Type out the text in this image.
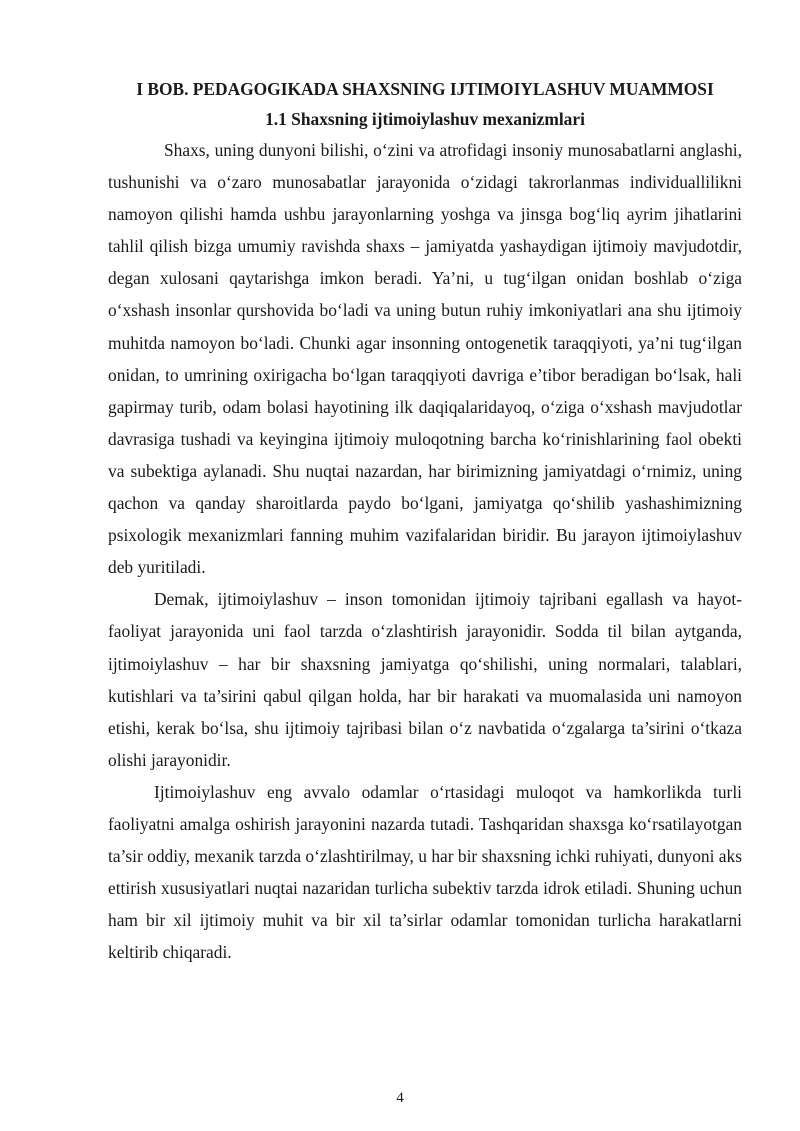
I BOB. PEDAGOGIKADA SHAXSNING IJTIMOIYLASHUV MUAMMOSI
1.1 Shaxsning ijtimoiylashuv mexanizmlari

Shaxs, uning dunyoni bilishi, o‘zini va atrofidagi insoniy munosabatlarni anglashi, tushunishi va o‘zaro munosabatlar jarayonida o‘zidagi takrorlanmas individuallilikni namoyon qilishi hamda ushbu jarayonlarning yoshga va jinsga bog‘liq ayrim jihatlarini tahlil qilish bizga umumiy ravishda shaxs – jamiyatda yashaydigan ijtimoiy mavjudotdir, degan xulosani qaytarishga imkon beradi. Ya’ni, u tug‘ilgan onidan boshlab o‘ziga o‘xshash insonlar qurshovida bo‘ladi va uning butun ruhiy imkoniyatlari ana shu ijtimoiy muhitda namoyon bo‘ladi. Chunki agar insonning ontogenetik taraqqiyoti, ya’ni tug‘ilgan onidan, to umrining oxirigacha bo‘lgan taraqqiyoti davriga e’tibor beradigan bo‘lsak, hali gapirmay turib, odam bolasi hayotining ilk daqiqalaridayoq, o‘ziga o‘xshash mavjudotlar davrasiga tushadi va keyingina ijtimoiy muloqotning barcha ko‘rinishlarining faol obekti va subektiga aylanadi. Shu nuqtai nazardan, har birimizning jamiyatdagi o‘rnimiz, uning qachon va qanday sharoitlarda paydo bo‘lgani, jamiyatga qo‘shilib yashashimizning psixologik mexanizmlari fanning muhim vazifalaridan biridir. Bu jarayon ijtimoiylashuv deb yuritiladi.

Demak, ijtimoiylashuv – inson tomonidan ijtimoiy tajribani egallash va hayot-faoliyat jarayonida uni faol tarzda o‘zlashtirish jarayonidir. Sodda til bilan aytganda, ijtimoiylashuv – har bir shaxsning jamiyatga qo‘shilishi, uning normalari, talablari, kutishlari va ta’sirini qabul qilgan holda, har bir harakati va muomalasida uni namoyon etishi, kerak bo‘lsa, shu ijtimoiy tajribasi bilan o‘z navbatida o‘zgalarga ta’sirini o‘tkaza olishi jarayonidir.

Ijtimoiylashuv eng avvalo odamlar o‘rtasidagi muloqot va hamkorlikda turli faoliyatni amalga oshirish jarayonini nazarda tutadi. Tashqaridan shaxsga ko‘rsatilayotgan ta’sir oddiy, mexanik tarzda o‘zlashtirilmay, u har bir shaxsning ichki ruhiyati, dunyoni aks ettirish xususiyatlari nuqtai nazaridan turlicha subektiv tarzda idrok etiladi. Shuning uchun ham bir xil ijtimoiy muhit va bir xil ta’sirlar odamlar tomonidan turlicha harakatlarni keltirib chiqaradi.

4
